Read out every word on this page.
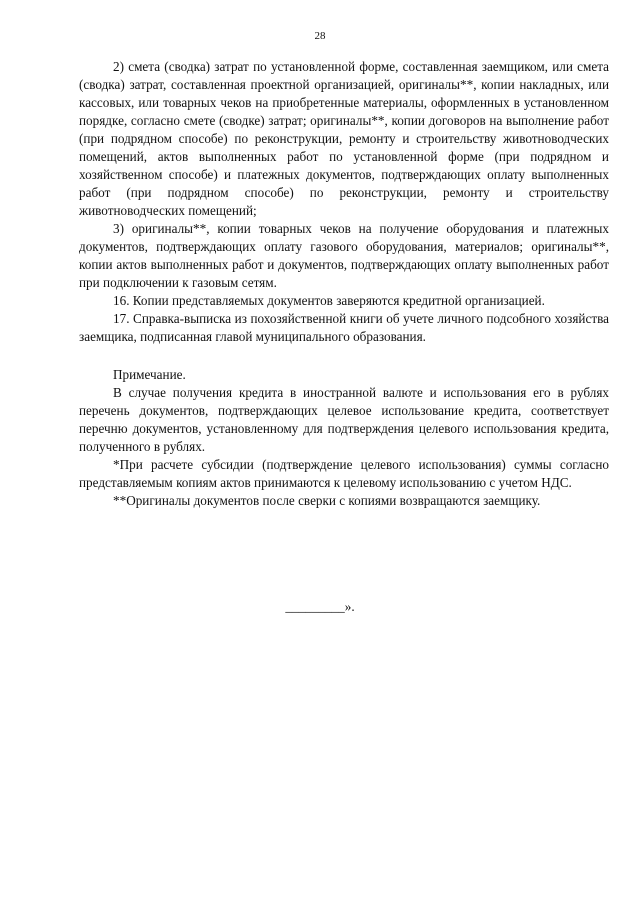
28

2) смета (сводка) затрат по установленной форме, составленная заемщиком, или смета (сводка) затрат, составленная проектной организацией, оригиналы**, копии накладных, или кассовых, или товарных чеков на приобретенные материалы, оформленных в установленном порядке, согласно смете (сводке) затрат; оригиналы**, копии договоров на выполнение работ (при подрядном способе) по реконструкции, ремонту и строительству животноводческих помещений, актов выполненных работ по установленной форме (при подрядном и хозяйственном способе) и платежных документов, подтверждающих оплату выполненных работ (при подрядном способе) по реконструкции, ремонту и строительству животноводческих помещений;

3) оригиналы**, копии товарных чеков на получение оборудования и платежных документов, подтверждающих оплату газового оборудования, материалов; оригиналы**, копии актов выполненных работ и документов, подтверждающих оплату выполненных работ при подключении к газовым сетям.

16. Копии представляемых документов заверяются кредитной организацией.

17. Справка-выписка из похозяйственной книги об учете личного подсобного хозяйства заемщика, подписанная главой муниципального образования.

Примечание.

В случае получения кредита в иностранной валюте и использования его в рублях перечень документов, подтверждающих целевое использование кредита, соответствует перечню документов, установленному для подтверждения целевого использования кредита, полученного в рублях.

*При расчете субсидии (подтверждение целевого использования) суммы согласно представляемым копиям актов принимаются к целевому использованию с учетом НДС.

**Оригиналы документов после сверки с копиями возвращаются заемщику.

_________».
